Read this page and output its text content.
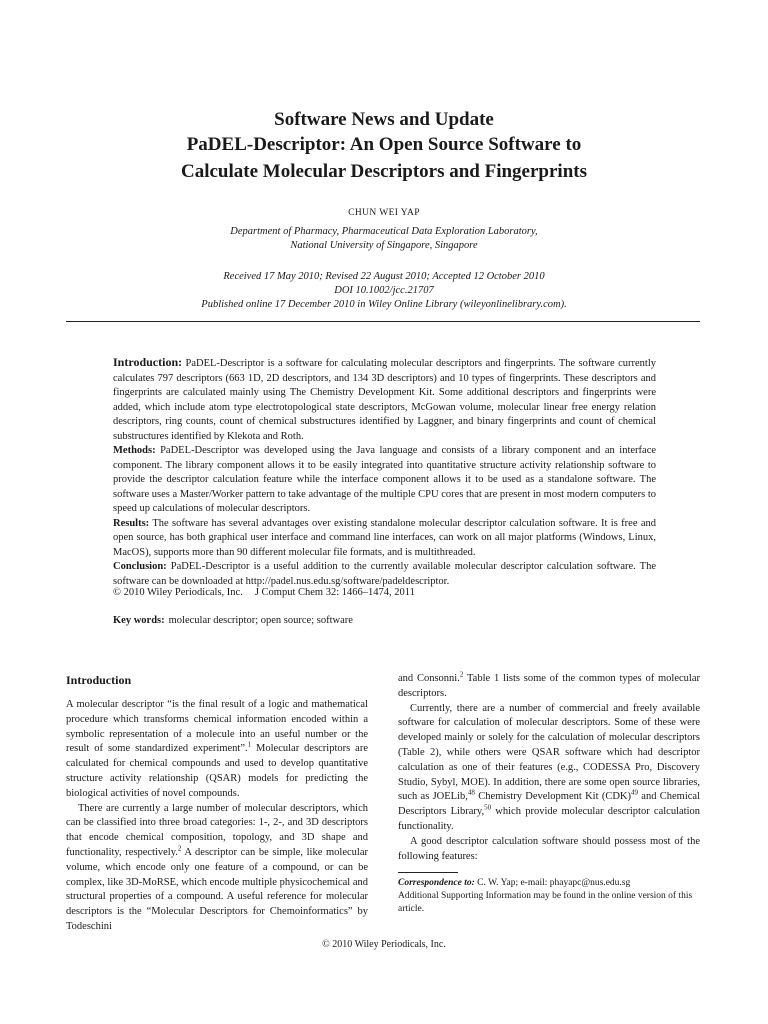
Software News and Update
PaDEL-Descriptor: An Open Source Software to
Calculate Molecular Descriptors and Fingerprints
CHUN WEI YAP
Department of Pharmacy, Pharmaceutical Data Exploration Laboratory,
National University of Singapore, Singapore
Received 17 May 2010; Revised 22 August 2010; Accepted 12 October 2010
DOI 10.1002/jcc.21707
Published online 17 December 2010 in Wiley Online Library (wileyonlinelibrary.com).

Introduction: PaDEL-Descriptor is a software for calculating molecular descriptors and fingerprints. The software currently calculates 797 descriptors (663 1D, 2D descriptors, and 134 3D descriptors) and 10 types of fingerprints. These descriptors and fingerprints are calculated mainly using The Chemistry Development Kit. Some additional descriptors and fingerprints were added, which include atom type electrotopological state descriptors, McGowan volume, molecular linear free energy relation descriptors, ring counts, count of chemical substructures identified by Laggner, and binary fingerprints and count of chemical substructures identified by Klekota and Roth.

Methods: PaDEL-Descriptor was developed using the Java language and consists of a library component and an interface component. The library component allows it to be easily integrated into quantitative structure activity relationship software to provide the descriptor calculation feature while the interface component allows it to be used as a standalone software. The software uses a Master/Worker pattern to take advantage of the multiple CPU cores that are present in most modern computers to speed up calculations of molecular descriptors.

Results: The software has several advantages over existing standalone molecular descriptor calculation software. It is free and open source, has both graphical user interface and command line interfaces, can work on all major platforms (Windows, Linux, MacOS), supports more than 90 different molecular file formats, and is multithreaded.

Conclusion: PaDEL-Descriptor is a useful addition to the currently available molecular descriptor calculation software. The software can be downloaded at http://padel.nus.edu.sg/software/padeldescriptor.

© 2010 Wiley Periodicals, Inc. J Comput Chem 32: 1466–1474, 2011
Key words: molecular descriptor; open source; software
Introduction

A molecular descriptor “is the final result of a logic and mathematical procedure which transforms chemical information encoded within a symbolic representation of a molecule into an useful number or the result of some standardized experiment”.$^1$ Molecular descriptors are calculated for chemical compounds and used to develop quantitative structure activity relationship (QSAR) models for predicting the biological activities of novel compounds.

There are currently a large number of molecular descriptors, which can be classified into three broad categories: 1-, 2-, and 3D descriptors that encode chemical composition, topology, and 3D shape and functionality, respectively.$^2$ A descriptor can be simple, like molecular volume, which encode only one feature of a compound, or can be complex, like 3D-MoRSE, which encode multiple physicochemical and structural properties of a compound. A useful reference for molecular descriptors is the “Molecular Descriptors for Chemoinformatics” by Todeschini

and Consonni.$^2$ Table 1 lists some of the common types of molecular descriptors.

Currently, there are a number of commercial and freely available software for calculation of molecular descriptors. Some of these were developed mainly or solely for the calculation of molecular descriptors (Table 2), while others were QSAR software which had descriptor calculation as one of their features (e.g., CODESSA Pro, Discovery Studio, Sybyl, MOE). In addition, there are some open source libraries, such as JOELib,$^{48}$ Chemistry Development Kit (CDK)$^{49}$ and Chemical Descriptors Library,$^{50}$ which provide molecular descriptor calculation functionality.

A good descriptor calculation software should possess most of the following features:

Correspondence to: C. W. Yap; e-mail: phayapc@nus.edu.sg

Additional Supporting Information may be found in the online version of this article.

© 2010 Wiley Periodicals, Inc.
